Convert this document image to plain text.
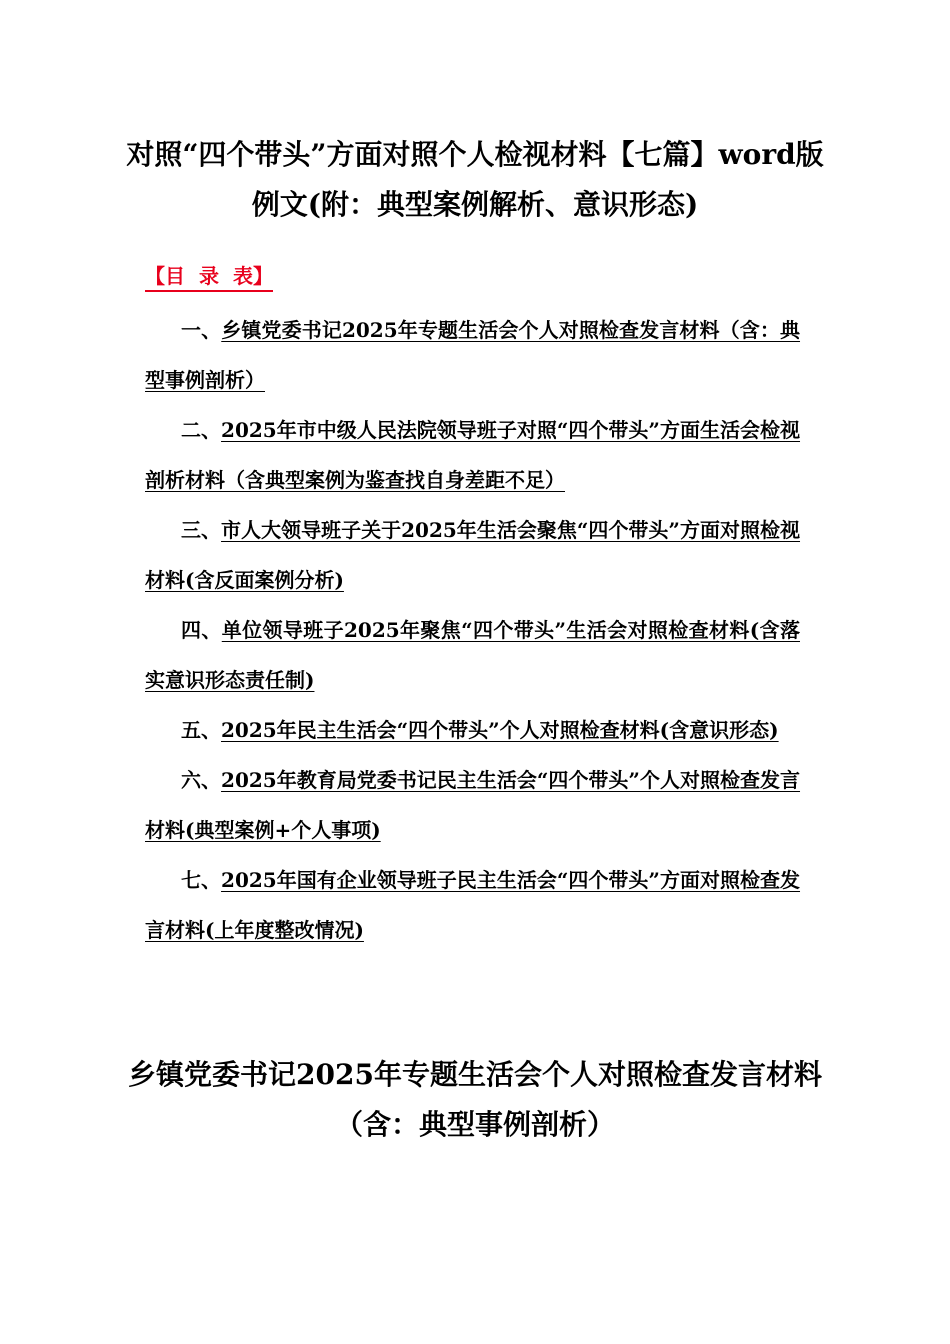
对照“四个带头”方面对照个人检视材料【七篇】word版例文(附：典型案例解析、意识形态)
【目 录 表】
一、乡镇党委书记2025年专题生活会个人对照检查发言材料（含：典型事例剖析）
二、2025年市中级人民法院领导班子对照“四个带头”方面生活会检视剖析材料（含典型案例为鉴查找自身差距不足）
三、市人大领导班子关于2025年生活会聚焦“四个带头”方面对照检视材料(含反面案例分析)
四、单位领导班子2025年聚焦“四个带头”生活会对照检查材料(含落实意识形态责任制)
五、2025年民主生活会“四个带头”个人对照检查材料(含意识形态)
六、2025年教育局党委书记民主生活会“四个带头”个人对照检查发言材料(典型案例+个人事项)
七、2025年国有企业领导班子民主生活会“四个带头”方面对照检查发言材料(上年度整改情况)
乡镇党委书记2025年专题生活会个人对照检查发言材料（含：典型事例剖析）
